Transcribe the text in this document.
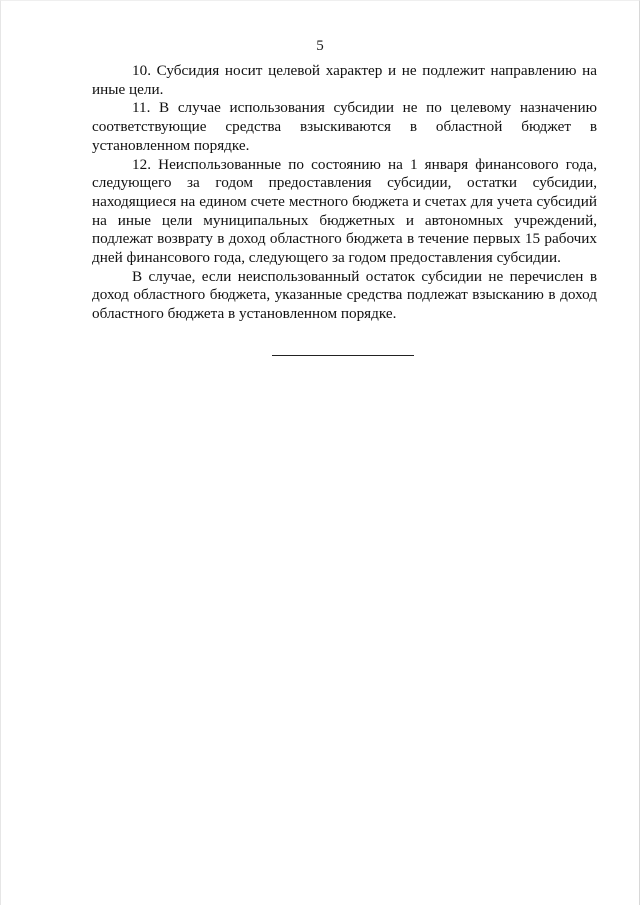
5

10. Субсидия носит целевой характер и не подлежит направлению на иные цели.

11. В случае использования субсидии не по целевому назначению соответствующие средства взыскиваются в областной бюджет в установленном порядке.

12. Неиспользованные по состоянию на 1 января финансового года, следующего за годом предоставления субсидии, остатки субсидии, находящиеся на едином счете местного бюджета и счетах для учета субсидий на иные цели муниципальных бюджетных и автономных учреждений, подлежат возврату в доход областного бюджета в течение первых 15 рабочих дней финансового года, следующего за годом предоставления субсидии.

В случае, если неиспользованный остаток субсидии не перечислен в доход областного бюджета, указанные средства подлежат взысканию в доход областного бюджета в установленном порядке.
